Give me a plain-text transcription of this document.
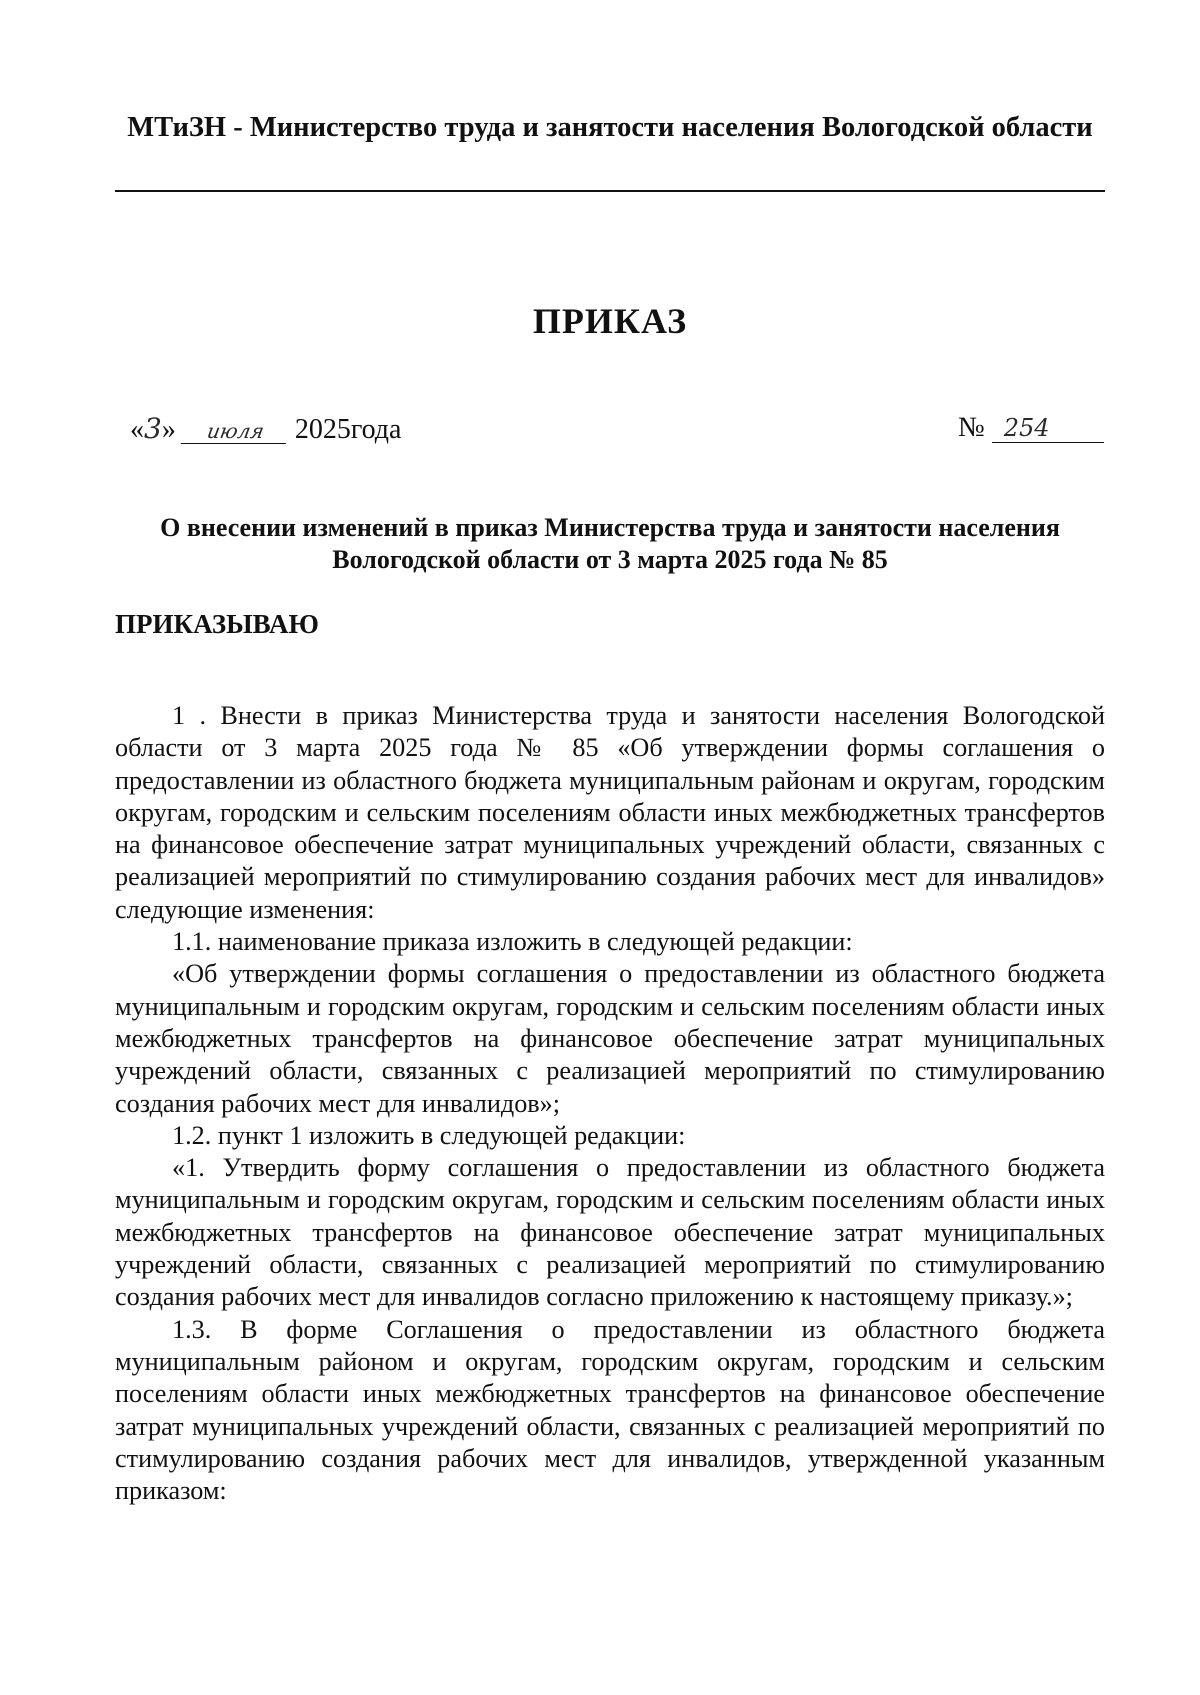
МТиЗН - Министерство труда и занятости населения Вологодской области
ПРИКАЗ
«3» июля 2025года	№ 254
О внесении изменений в приказ Министерства труда и занятости населения Вологодской области от 3 марта 2025 года № 85
ПРИКАЗЫВАЮ

1 . Внести в приказ Министерства труда и занятости населения Вологодской области от 3 марта 2025 года № 85 «Об утверждении формы соглашения о предоставлении из областного бюджета муниципальным районам и округам, городским округам, городским и сельским поселениям области иных межбюджетных трансфертов на финансовое обеспечение затрат муниципальных учреждений области, связанных с реализацией мероприятий по стимулированию создания рабочих мест для инвалидов» следующие изменения:

1.1. наименование приказа изложить в следующей редакции:

«Об утверждении формы соглашения о предоставлении из областного бюджета муниципальным и городским округам, городским и сельским поселениям области иных межбюджетных трансфертов на финансовое обеспечение затрат муниципальных учреждений области, связанных с реализацией мероприятий по стимулированию создания рабочих мест для инвалидов»;

1.2. пункт 1 изложить в следующей редакции:

«1. Утвердить форму соглашения о предоставлении из областного бюджета муниципальным и городским округам, городским и сельским поселениям области иных межбюджетных трансфертов на финансовое обеспечение затрат муниципальных учреждений области, связанных с реализацией мероприятий по стимулированию создания рабочих мест для инвалидов согласно приложению к настоящему приказу.»;

1.3. В форме Соглашения о предоставлении из областного бюджета муниципальным районом и округам, городским округам, городским и сельским поселениям области иных межбюджетных трансфертов на финансовое обеспечение затрат муниципальных учреждений области, связанных с реализацией мероприятий по стимулированию создания рабочих мест для инвалидов, утвержденной указанным приказом:
